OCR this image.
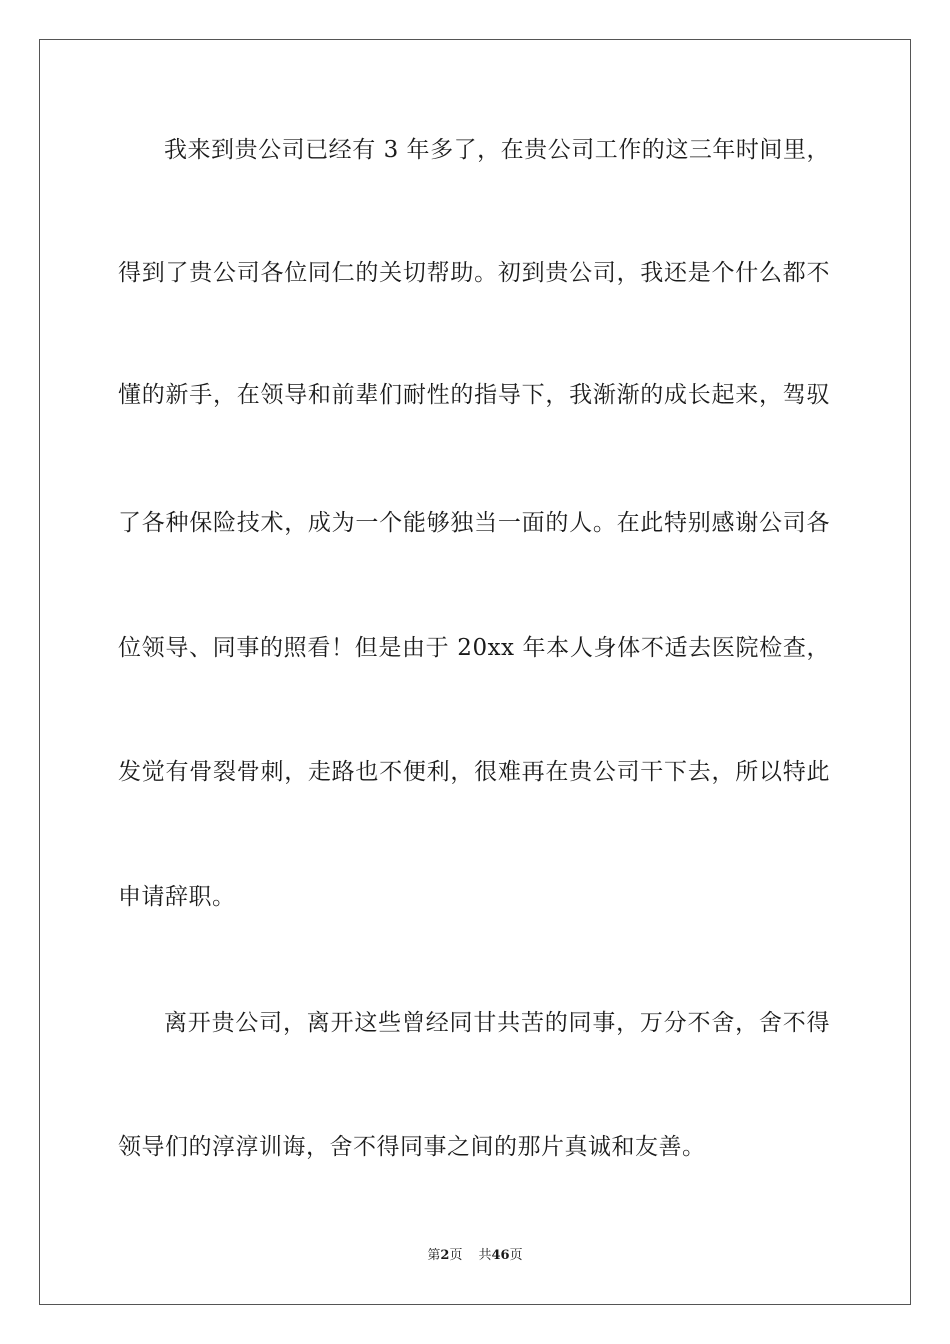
我来到贵公司已经有 3 年多了，在贵公司工作的这三年时间里，
得到了贵公司各位同仁的关切帮助。初到贵公司，我还是个什么都不
懂的新手，在领导和前辈们耐性的指导下，我渐渐的成长起来，驾驭
了各种保险技术，成为一个能够独当一面的人。在此特别感谢公司各
位领导、同事的照看！但是由于 20xx 年本人身体不适去医院检查，
发觉有骨裂骨刺，走路也不便利，很难再在贵公司干下去，所以特此
申请辞职。
离开贵公司，离开这些曾经同甘共苦的同事，万分不舍，舍不得
领导们的淳淳训诲，舍不得同事之间的那片真诚和友善。
第2页 共46页
